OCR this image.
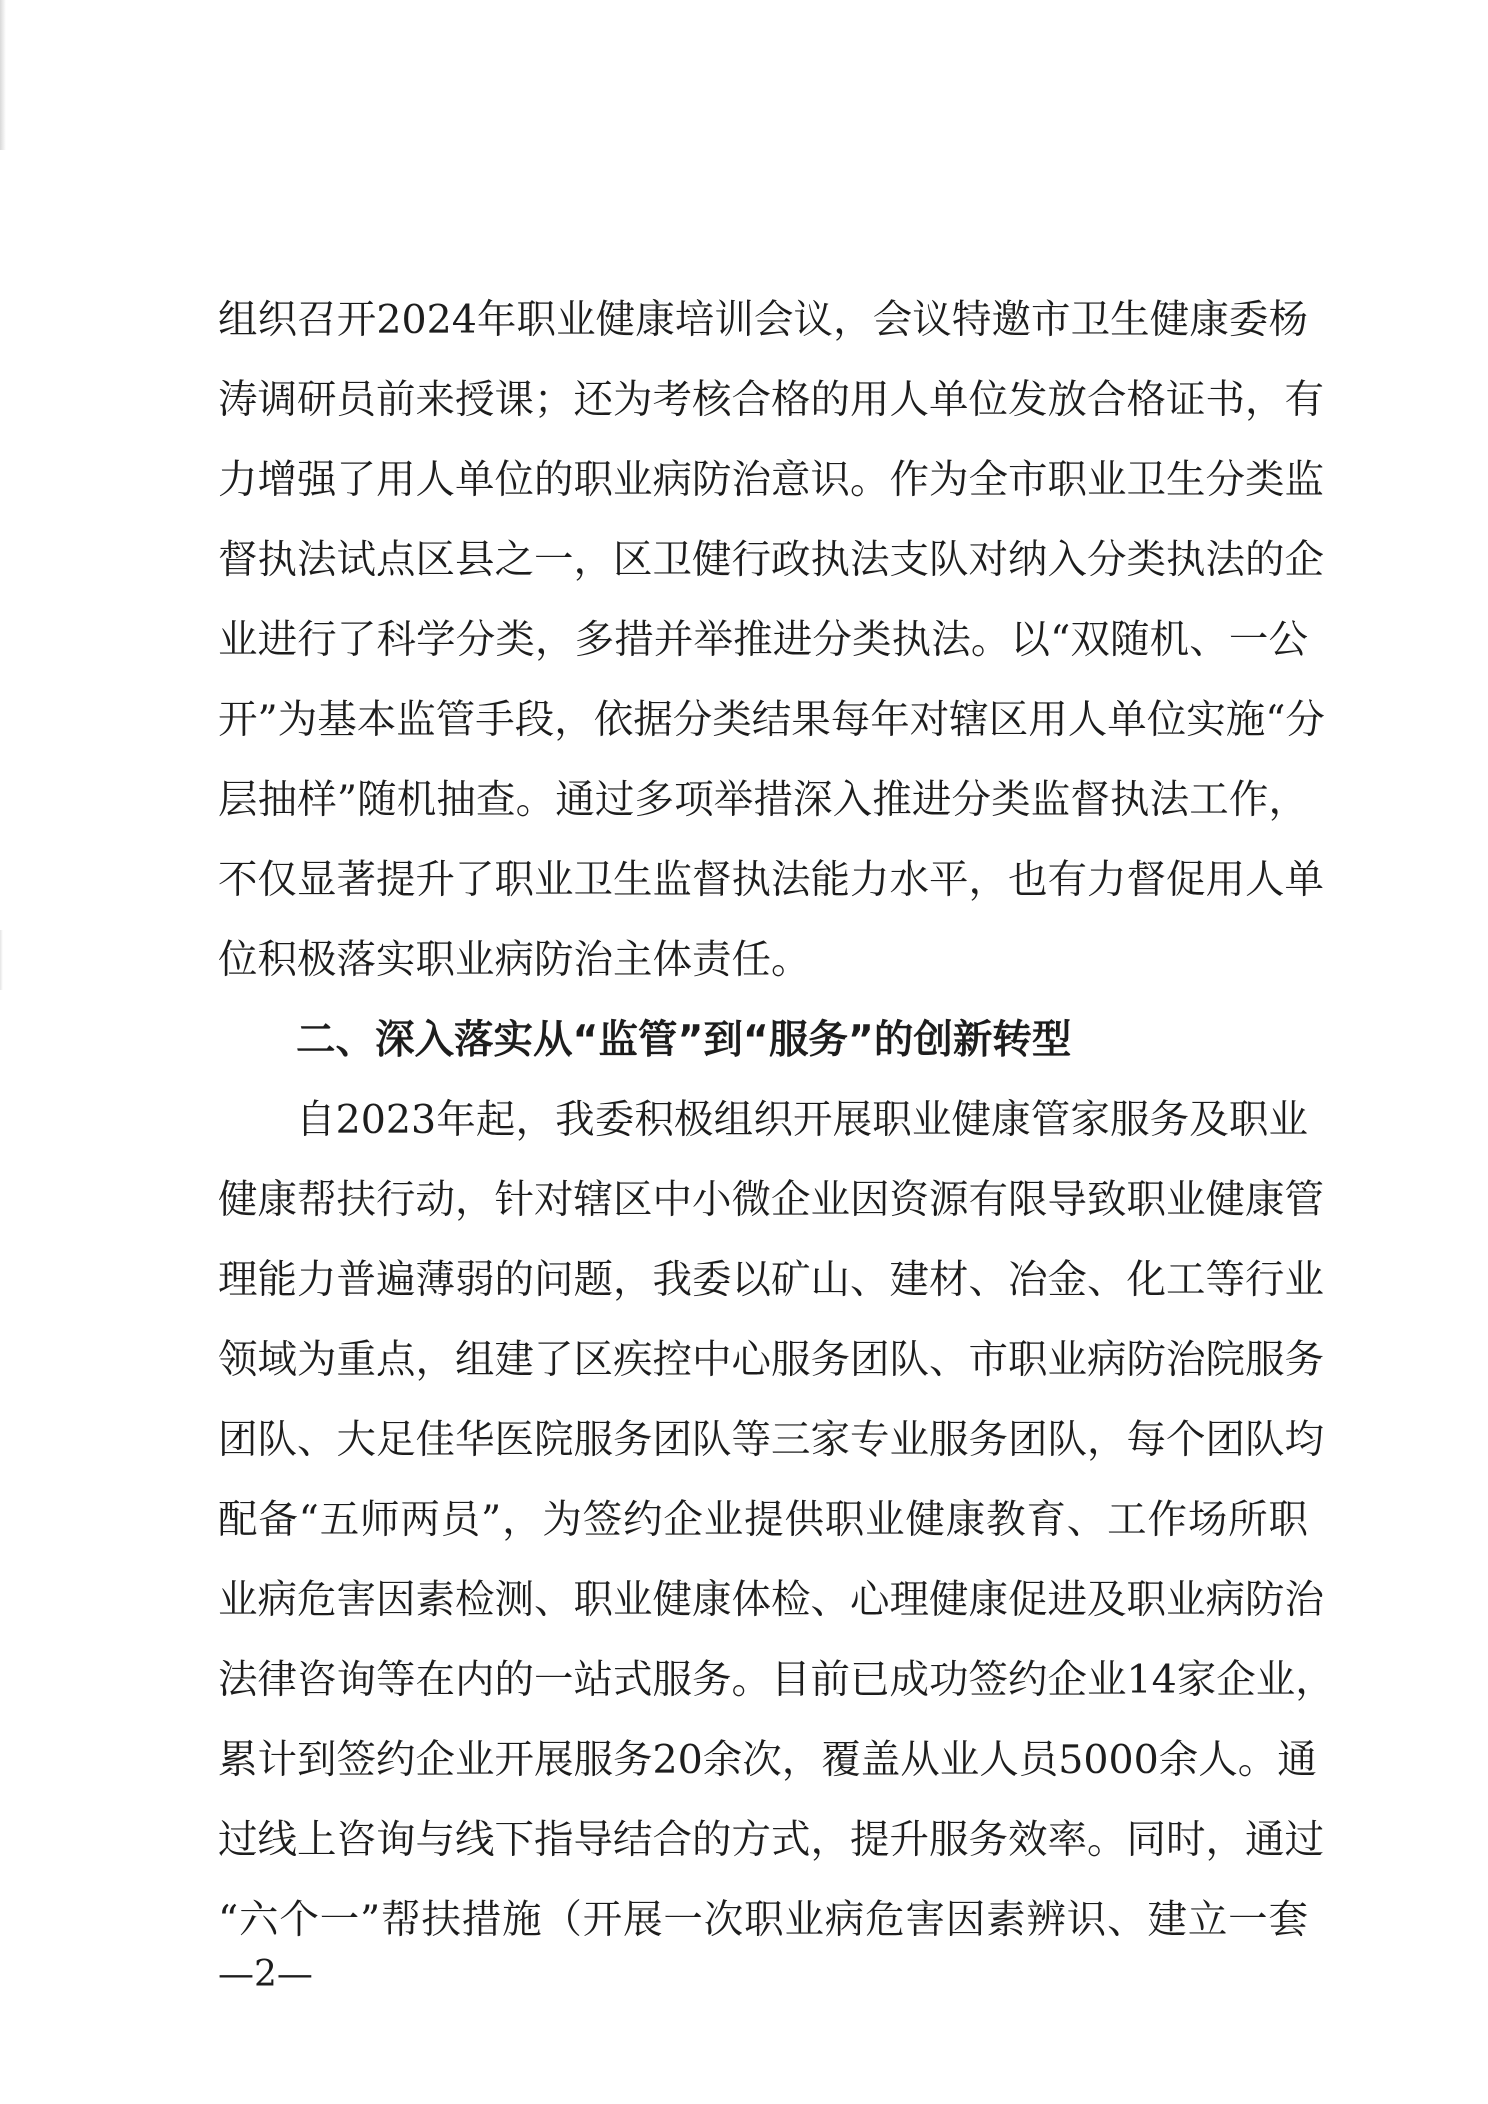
组织召开2024年职业健康培训会议，会议特邀市卫生健康委杨
涛调研员前来授课；还为考核合格的用人单位发放合格证书，有
力增强了用人单位的职业病防治意识。作为全市职业卫生分类监
督执法试点区县之一，区卫健行政执法支队对纳入分类执法的企
业进行了科学分类，多措并举推进分类执法。以“双随机、一公
开”为基本监管手段，依据分类结果每年对辖区用人单位实施“分
层抽样”随机抽查。通过多项举措深入推进分类监督执法工作，
不仅显著提升了职业卫生监督执法能力水平，也有力督促用人单
位积极落实职业病防治主体责任。
二、深入落实从“监管”到“服务”的创新转型
自2023年起，我委积极组织开展职业健康管家服务及职业
健康帮扶行动，针对辖区中小微企业因资源有限导致职业健康管
理能力普遍薄弱的问题，我委以矿山、建材、冶金、化工等行业
领域为重点，组建了区疾控中心服务团队、市职业病防治院服务
团队、大足佳华医院服务团队等三家专业服务团队，每个团队均
配备“五师两员”，为签约企业提供职业健康教育、工作场所职
业病危害因素检测、职业健康体检、心理健康促进及职业病防治
法律咨询等在内的一站式服务。目前已成功签约企业14家企业，
累计到签约企业开展服务20余次，覆盖从业人员5000余人。通
过线上咨询与线下指导结合的方式，提升服务效率。同时，通过
“六个一”帮扶措施（开展一次职业病危害因素辨识、建立一套
—2—
